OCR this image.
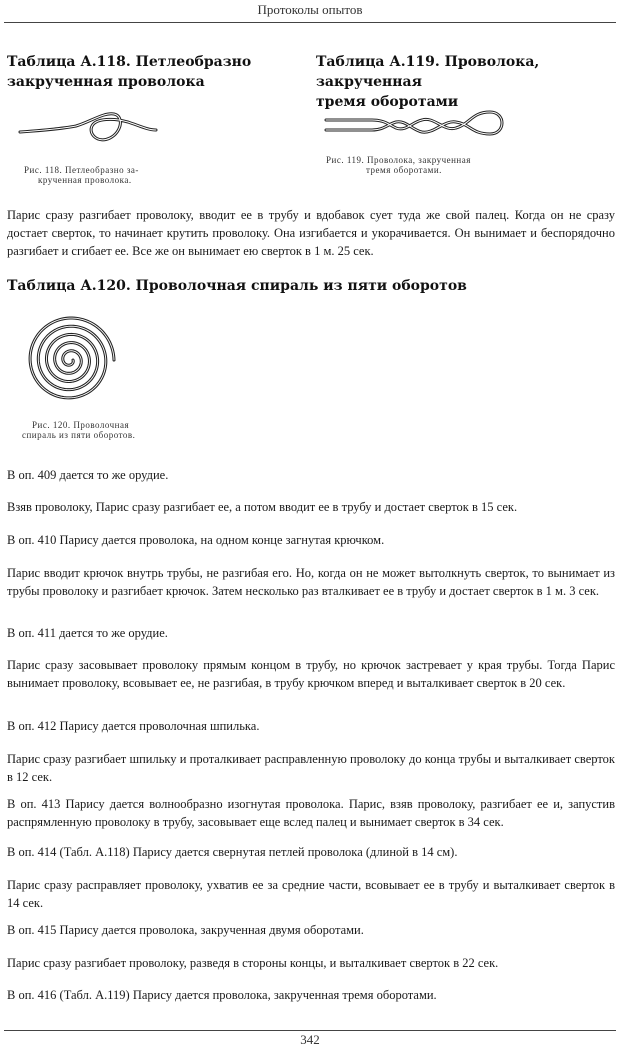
Протоколы опытов
Таблица А.118. Петлеобразно
закрученная проволока
Рис. 118. Петлеобразно за-
крученная проволока.
Таблица А.119. Проволока, закрученная
тремя оборотами
Рис. 119. Проволока, закрученная
тремя оборотами.

Парис сразу разгибает проволоку, вводит ее в трубу и вдобавок сует туда же свой палец. Когда он не сразу достает сверток, то начинает крутить проволоку. Она изгибается и укорачивается. Он вынимает и беспорядочно разгибает и сгибает ее. Все же он вынимает ею сверток в 1 м. 25 сек.

Таблица А.120. Проволочная спираль из пяти оборотов
Рис. 120. Проволочная
спираль из пяти оборотов.

В оп. 409 дается то же орудие.

Взяв проволоку, Парис сразу разгибает ее, а потом вводит ее в трубу и достает сверток в 15 сек.

В оп. 410 Парису дается проволока, на одном конце загнутая крючком.

Парис вводит крючок внутрь трубы, не разгибая его. Но, когда он не может вытолкнуть сверток, то вынимает из трубы проволоку и разгибает крючок. Затем несколько раз вталкивает ее в трубу и достает сверток в 1 м. 3 сек.

В оп. 411 дается то же орудие.

Парис сразу засовывает проволоку прямым концом в трубу, но крючок застревает у края трубы. Тогда Парис вынимает проволоку, всовывает ее, не разгибая, в трубу крючком вперед и выталкивает сверток в 20 сек.

В оп. 412 Парису дается проволочная шпилька.

Парис сразу разгибает шпильку и проталкивает расправленную проволоку до конца трубы и выталкивает сверток в 12 сек.

В оп. 413 Парису дается волнообразно изогнутая проволока. Парис, взяв проволоку, разгибает ее и, запустив распрямленную проволоку в трубу, засовывает еще вслед палец и вынимает сверток в 34 сек.

В оп. 414 (Табл. А.118) Парису дается свернутая петлей проволока (длиной в 14 см).

Парис сразу расправляет проволоку, ухватив ее за средние части, всовывает ее в трубу и выталкивает сверток в 14 сек.

В оп. 415 Парису дается проволока, закрученная двумя оборотами.

Парис сразу разгибает проволоку, разведя в стороны концы, и выталкивает сверток в 22 сек.

В оп. 416 (Табл. А.119) Парису дается проволока, закрученная тремя оборотами.

342
